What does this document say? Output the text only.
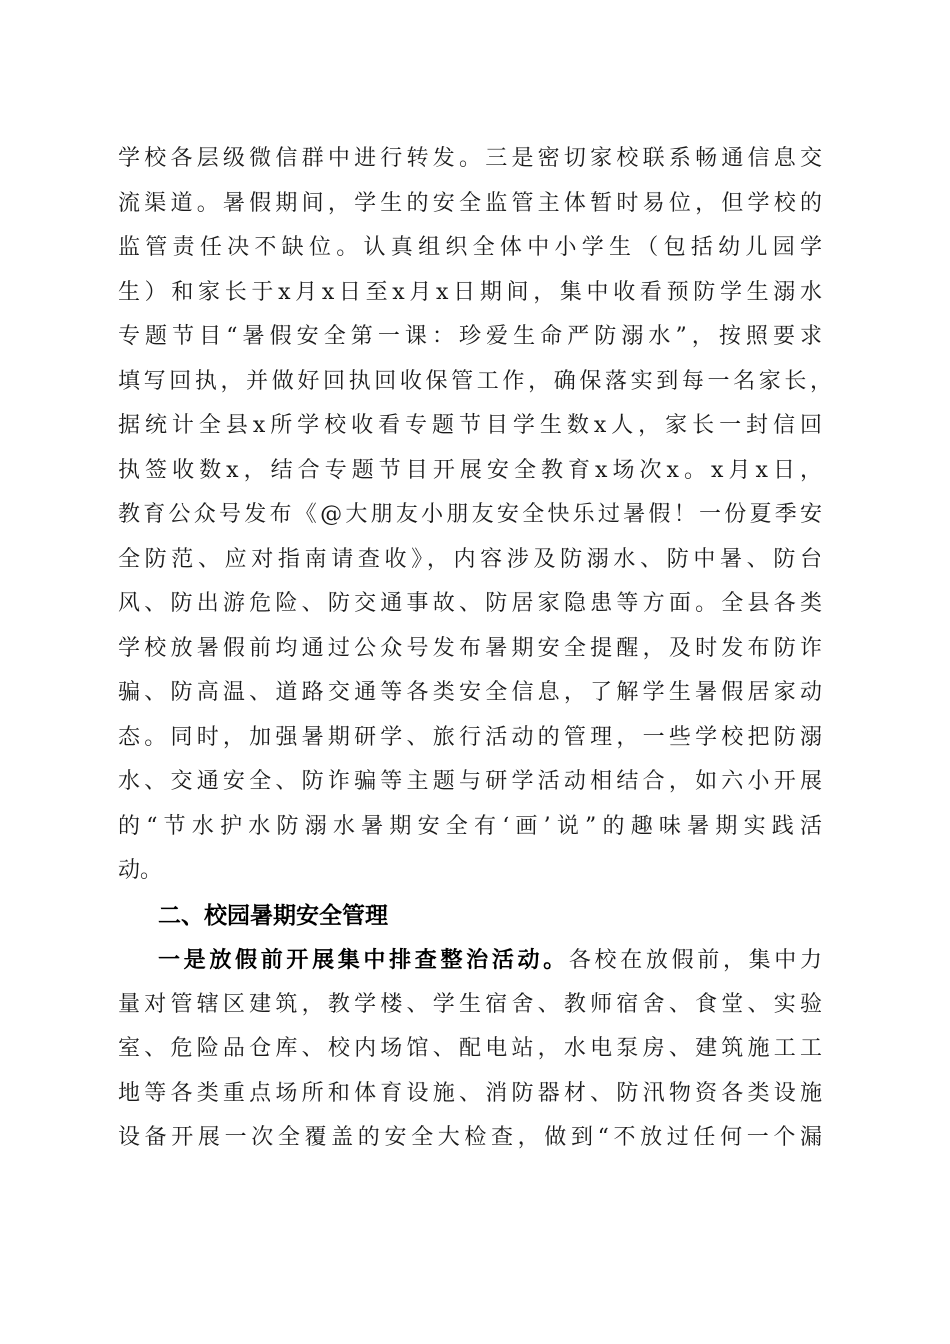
学校各层级微信群中进行转发。三是密切家校联系畅通信息交
流渠道。暑假期间，学生的安全监管主体暂时易位，但学校的
监管责任决不缺位。认真组织全体中小学生（包括幼儿园学
生）和家长于x月x日至x月x日期间，集中收看预防学生溺水
专题节目“暑假安全第一课：珍爱生命严防溺水”，按照要求
填写回执，并做好回执回收保管工作，确保落实到每一名家长，
据统计全县x所学校收看专题节目学生数x人，家长一封信回
执签收数x，结合专题节目开展安全教育x场次x。x月x日，
教育公众号发布《@大朋友小朋友安全快乐过暑假！一份夏季安
全防范、应对指南请查收》，内容涉及防溺水、防中暑、防台
风、防出游危险、防交通事故、防居家隐患等方面。全县各类
学校放暑假前均通过公众号发布暑期安全提醒，及时发布防诈
骗、防高温、道路交通等各类安全信息，了解学生暑假居家动
态。同时，加强暑期研学、旅行活动的管理，一些学校把防溺
水、交通安全、防诈骗等主题与研学活动相结合，如六小开展
的“节水护水防溺水暑期安全有‘画’说”的趣味暑期实践活
动。
二、校园暑期安全管理
一是放假前开展集中排查整治活动。各校在放假前，集中力
量对管辖区建筑，教学楼、学生宿舍、教师宿舍、食堂、实验
室、危险品仓库、校内场馆、配电站，水电泵房、建筑施工工
地等各类重点场所和体育设施、消防器材、防汛物资各类设施
设备开展一次全覆盖的安全大检查，做到“不放过任何一个漏
